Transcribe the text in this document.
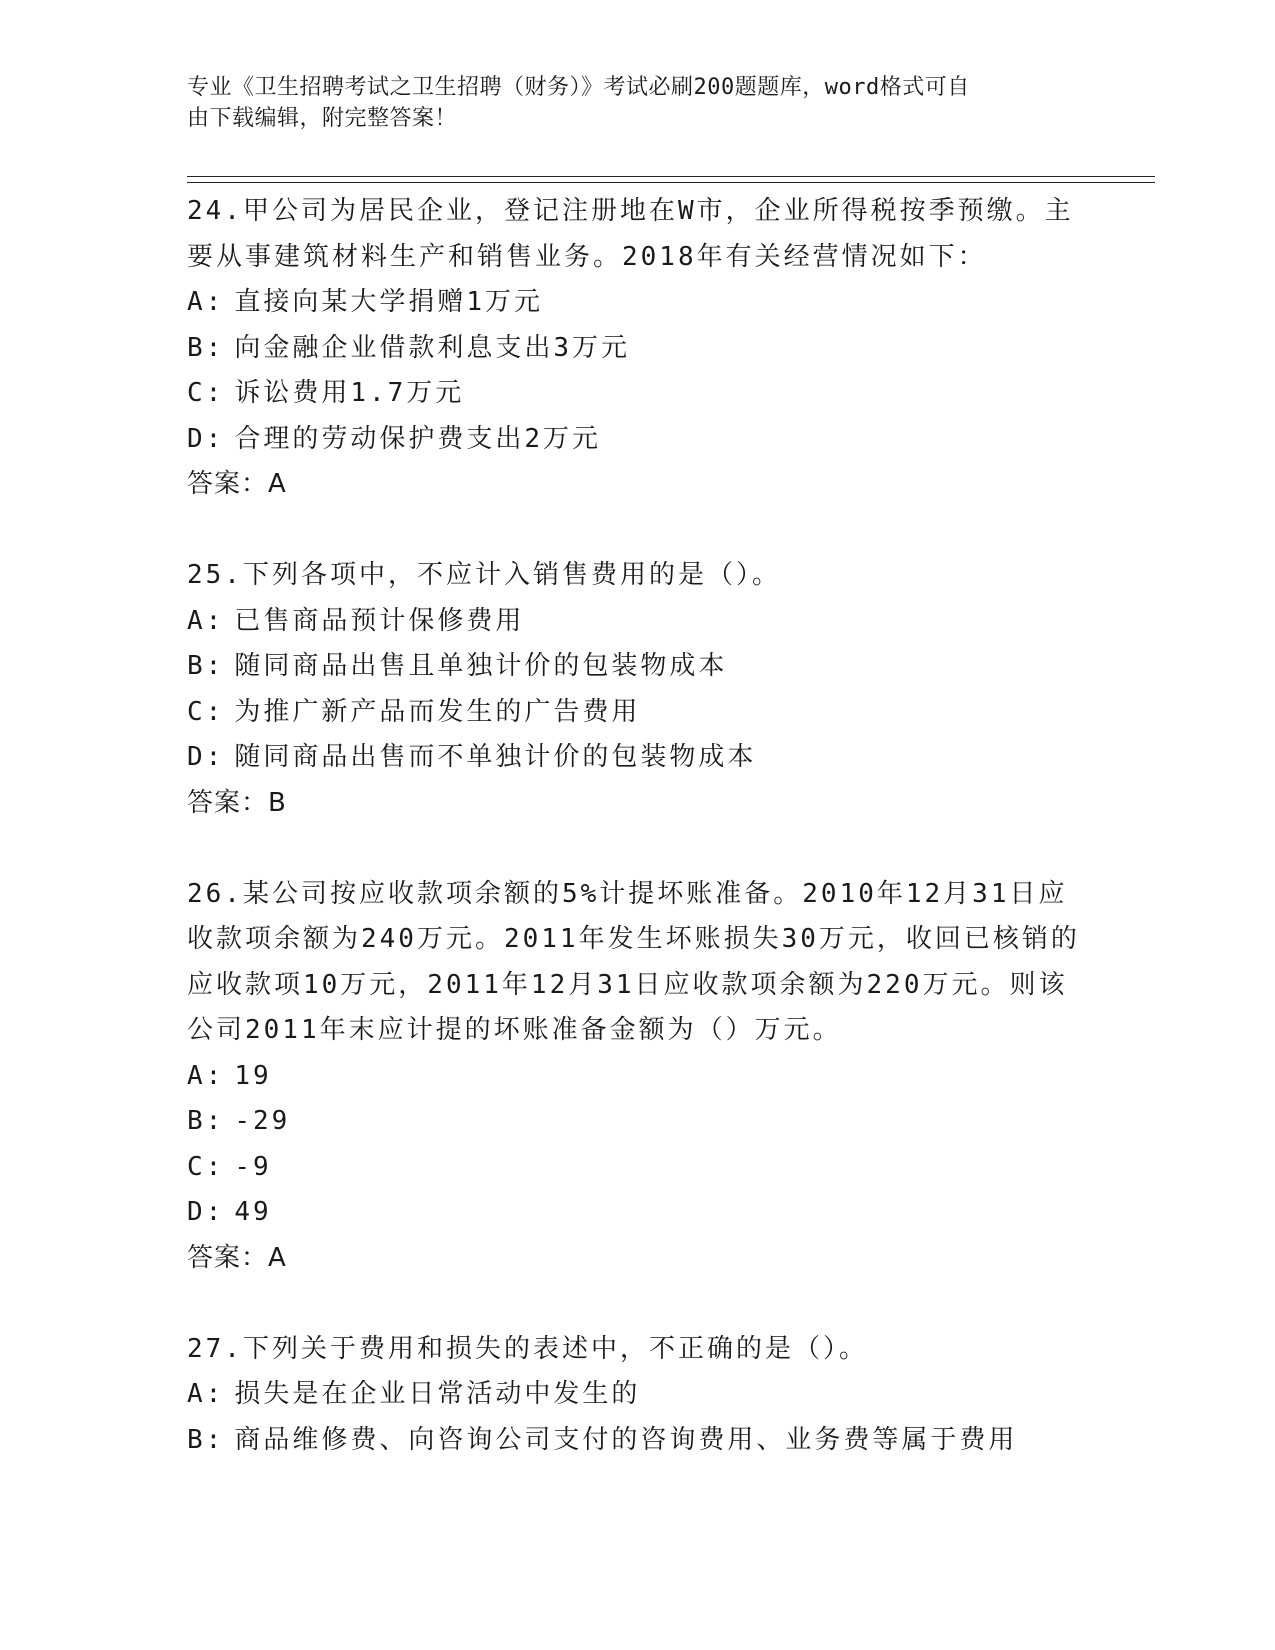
专业《卫生招聘考试之卫生招聘（财务）》考试必刷200题题库，word格式可自
由下载编辑，附完整答案！
24.甲公司为居民企业，登记注册地在W市，企业所得税按季预缴。主
要从事建筑材料生产和销售业务。2018年有关经营情况如下：
A: 直接向某大学捐赠1万元
B: 向金融企业借款利息支出3万元
C: 诉讼费用1.7万元
D: 合理的劳动保护费支出2万元
答案：A
25.下列各项中，不应计入销售费用的是（）。
A: 已售商品预计保修费用
B: 随同商品出售且单独计价的包装物成本
C: 为推广新产品而发生的广告费用
D: 随同商品出售而不单独计价的包装物成本
答案：B
26.某公司按应收款项余额的5%计提坏账准备。2010年12月31日应
收款项余额为240万元。2011年发生坏账损失30万元，收回已核销的
应收款项10万元，2011年12月31日应收款项余额为220万元。则该
公司2011年末应计提的坏账准备金额为（）万元。
A: 19
B: -29
C: -9
D: 49
答案：A
27.下列关于费用和损失的表述中，不正确的是（）。
A: 损失是在企业日常活动中发生的
B: 商品维修费、向咨询公司支付的咨询费用、业务费等属于费用
